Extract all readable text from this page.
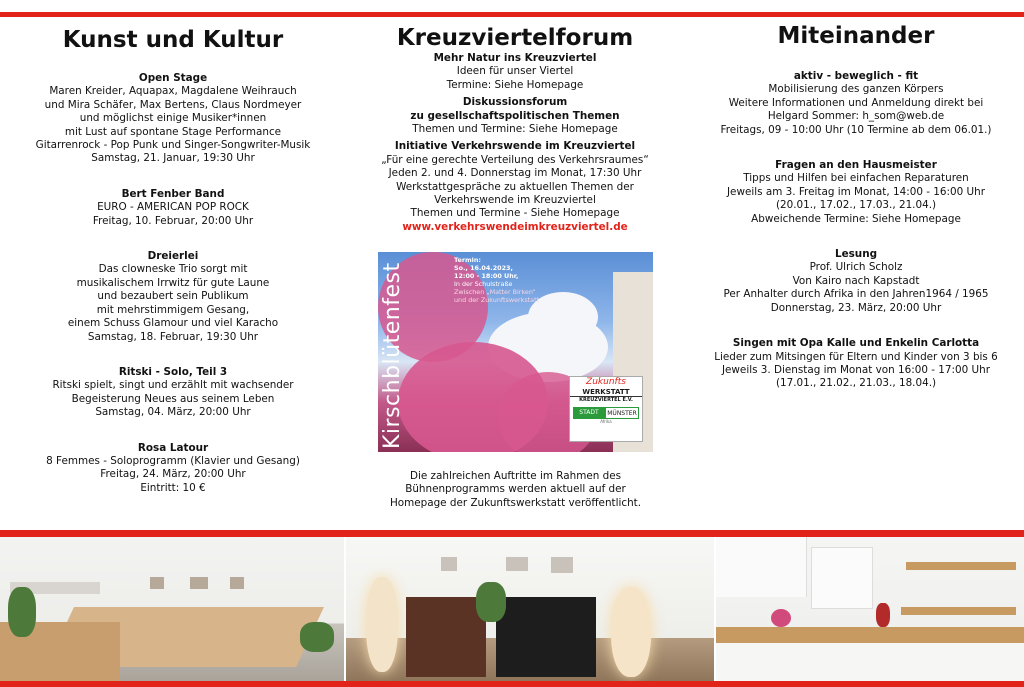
Kunst und Kultur
Open Stage
Maren Kreider, Aquapax, Magdalene Weihrauch
und Mira Schäfer, Max Bertens, Claus Nordmeyer
und möglichst einige Musiker*innen
mit Lust auf spontane Stage Performance
Gitarrenrock - Pop Punk und Singer-Songwriter-Musik
Samstag, 21. Januar, 19:30 Uhr
Bert Fenber Band
EURO - AMERICAN POP ROCK
Freitag, 10. Februar, 20:00 Uhr
Dreierlei
Das clowneske Trio sorgt mit
musikalischem Irrwitz für gute Laune
und bezaubert sein Publikum
mit mehrstimmigem Gesang,
einem Schuss Glamour und viel Karacho
Samstag, 18. Februar, 19:30 Uhr
Ritski - Solo, Teil 3
Ritski spielt, singt und erzählt mit wachsender
Begeisterung Neues aus seinem Leben
Samstag, 04. März, 20:00 Uhr
Rosa Latour
8 Femmes - Soloprogramm (Klavier und Gesang)
Freitag, 24. März, 20:00 Uhr
Eintritt: 10 €
Kreuzviertelforum
Mehr Natur ins Kreuzviertel
Ideen für unser Viertel
Termine: Siehe Homepage
Diskussionsforum
zu gesellschaftspolitischen Themen
Themen und Termine: Siehe Homepage
Initiative Verkehrswende im Kreuzviertel
„Für eine gerechte Verteilung des Verkehrsraumes“
Jeden 2. und 4. Donnerstag im Monat, 17:30 Uhr
Werkstattgespräche zu aktuellen Themen der
Verkehrswende im Kreuzviertel
Themen und Termine - Siehe Homepage
www.verkehrswendeimkreuzviertel.de
Kirschblütenfest
Termin:
So., 16.04.2023,
12:00 - 18:00 Uhr,
In der Schulstraße
Zwischen „Matter Birken“
und der Zukunftswerkstatt
Zukunfts
WERKSTATT
KREUZVIERTEL E.V.
STADT	MÜNSTER
Afrika
Die zahlreichen Auftritte im Rahmen des
Bühnenprogramms werden aktuell auf der
Homepage der Zukunftswerkstatt veröffentlicht.
Miteinander
aktiv - beweglich - fit
Mobilisierung des ganzen Körpers
Weitere Informationen und Anmeldung direkt bei
Helgard Sommer: h_som@web.de
Freitags, 09 - 10:00 Uhr (10 Termine ab dem 06.01.)
Fragen an den Hausmeister
Tipps und Hilfen bei einfachen Reparaturen
Jeweils am 3. Freitag im Monat, 14:00 - 16:00 Uhr
(20.01., 17.02., 17.03., 21.04.)
Abweichende Termine: Siehe Homepage
Lesung
Prof. Ulrich Scholz
Von Kairo nach Kapstadt
Per Anhalter durch Afrika in den Jahren1964 / 1965
Donnerstag, 23. März, 20:00 Uhr
Singen mit Opa Kalle und Enkelin Carlotta
Lieder zum Mitsingen für Eltern und Kinder von 3 bis 6
Jeweils 3. Dienstag im Monat von 16:00 - 17:00 Uhr
(17.01., 21.02., 21.03., 18.04.)
